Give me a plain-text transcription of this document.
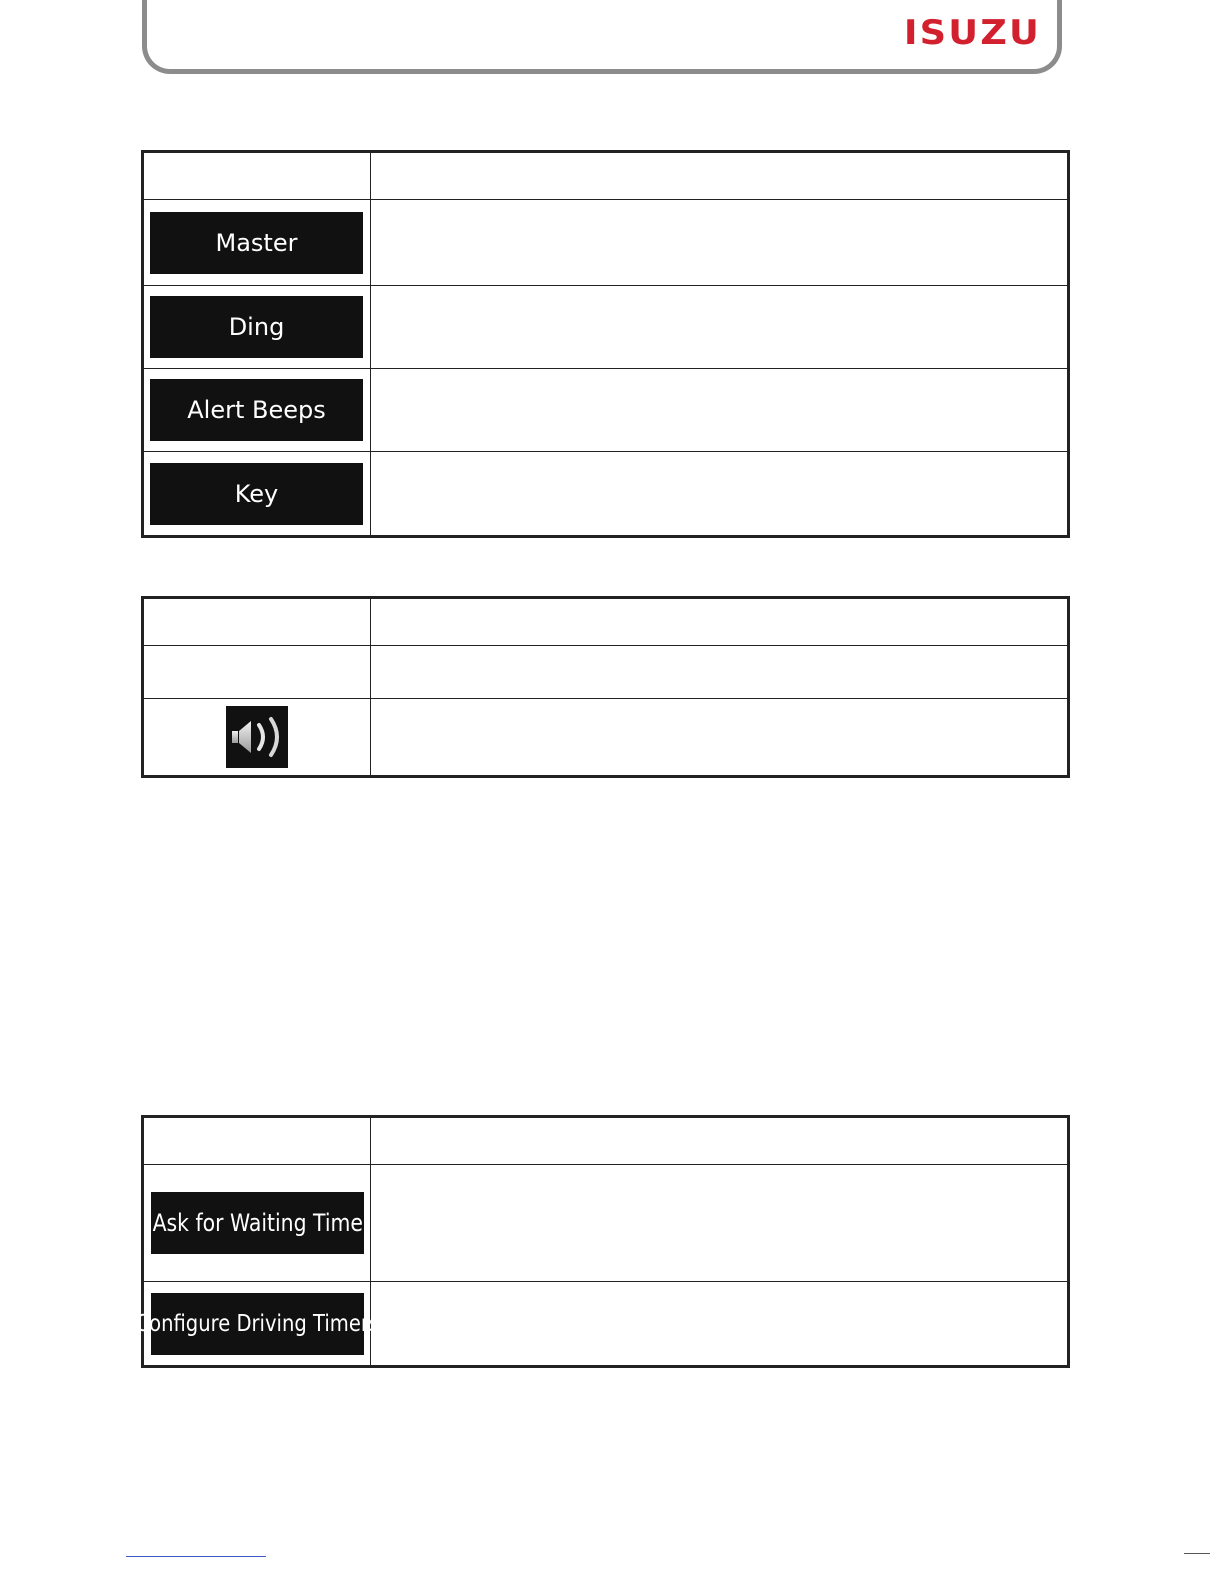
ISUZU

Master	

Ding	

Alert Beeps	

Key	

Ask for Waiting Time	

Configure Driving Timers	
